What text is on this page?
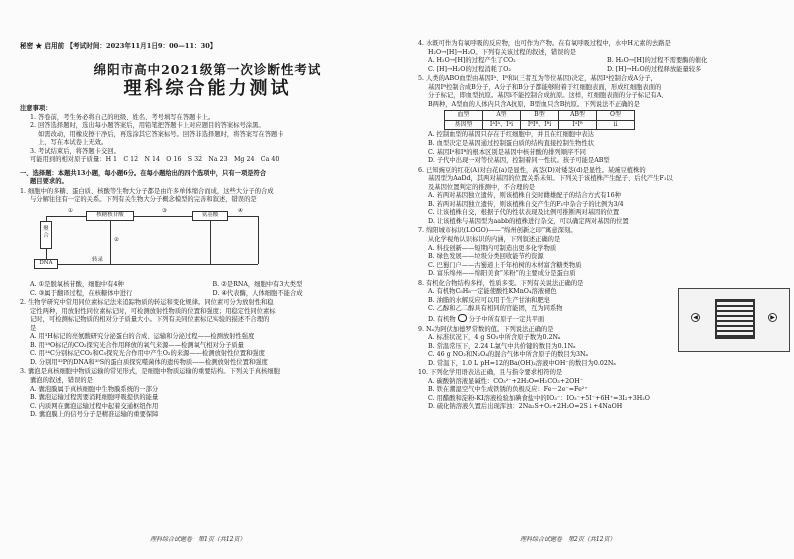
秘密 ★ 启用前 【考试时间：2023年11月1日9：00—11：30】
绵阳市高中2021级第一次诊断性考试
理科综合能力测试

注意事项：

1. 答卷前，考生务必将自己的班级、姓名、考号填写在答题卡上。

2. 回答选择题时，选出每小题答案后，用铅笔把答题卡上对应题目的答案标号涂黑。

如需改动，用橡皮擦干净后，再选涂其它答案标号。回答非选择题时，将答案写在答题卡

上，写在本试卷上无效。

3. 考试结束后，将答题卡交回。

可能用到的相对原子质量：H 1　C 12　N 14　O 16　S 32　Na 23　Mg 24　Ca 40

一、选择题：本题共13小题，每小题6分。在每小题给出的四个选项中，只有一项是符合

题目要求的。

1. 细胞中的多糖、蛋白质、核酸等生物大分子都是由许多单体缩合而成，这些大分子的合成

与分解往往有一定的关系。下列有关生物大分子概念模型的完善和叙述，错误的是

聚
合
核糖核苷酸	氨基酸
DNA	转录
①
②
③	④

A. ①是脱氧核苷酸，细胞中有4种	B. ②是RNA，细胞中有3大类型

C. ③属于翻译过程，在核糖体中进行	D. ④代表酶，人体细胞不能合成

2. 生物学研究中常用同位素标记法来追踪物质的转运和变化规律。同位素可分为放射性和稳

定性两种，用放射性同位素标记时，可检测放射性物质的位置和强度；用稳定性同位素标

记时，可检测标记物质的相对分子质量大小。下列有关同位素标记实验的描述不合理的

是

A. 用³H标记的亮氨酸研究分泌蛋白的合成、运输和分泌过程——检测放射性强度

B. 用¹⁸O标记的CO₂探究光合作用释放的氧气来源——检测氧气相对分子质量

C. 用¹⁴C分别标记CO₂和C₅探究光合作用中产生O₂的来源——检测放射性位置和强度

D. 分别用³²P的DNA和³⁵S的蛋白质探究噬菌体的遗传物质——检测放射性位置和强度

3. 囊泡是真核细胞中物质运输的常见形式，是细胞中物质运输的重要结构。下列关于真核细胞

囊泡的叙述，错误的是

A. 囊泡膜属于真核细胞中生物膜系统的一部分

B. 囊泡运输过程需要消耗细胞呼吸提供的能量

C. 内质网在囊泡运输过程中起着交通枢纽作用

D. 囊泡膜上的信号分子是精准运输的重要保障

4. 水既可作为有氧呼吸的反应物，也可作为产物。在有氧呼吸过程中，水中H元素的去路是

H₂O→[H]→H₂O。下列有关该过程的叙述，错误的是

A. H₂O→[H]的过程产生了CO₂	B. H₂O→[H]的过程不需要酶的催化

C. [H]→H₂O的过程消耗了O₂	D. [H]→H₂O的过程释放能量较多

5. 人类的ABO血型由基因Iᴬ、Iᴮ和i(三者互为等位基因)决定，基因Iᴬ控制合成A分子，

基因Iᴮ控制合成B分子，A分子和B分子都能够附着于红细胞表面，形成红细胞表面的

分子标记，即血型抗原。基因i不能控制合成抗原。这样，红细胞表面的分子标记有A、

B两种，A型血的人体内只含A抗原，B型血只含B抗原。下列说法不正确的是

血型	A型	B型	AB型	O型
基因型	IᴬIᴬ、Iᴬi	IᴮIᴮ、Iᴮi	IᴬIᴮ	ii

A. 控制血型的基因只存在于红细胞中，并且在红细胞中表达

B. 血型决定是基因通过控制蛋白质的结构直接控制生物性状

C. 基因Iᴬ和Iᴮ的根本区别是基因中核苷酸的排列顺序不同

D. 子代中出现一对等位基因，控制着同一性状。孩子可能是AB型

6. 已知豌豆的红花(A)对白花(a)是显性，高茎(D)对矮茎(d)是显性。某豌豆植株的

基因型为AaDd，其两对基因的位置关系未知。下列关于该植株产生配子、后代产生F₁以

及基因位置判定的推测中，不合理的是

A. 若两对基因独立遗传，则该植株自交时雌雄配子的结合方式有16种

B. 若两对基因独立遗传，则该植株自交产生的F₁中杂合子的比例为3/4

C. 让该植株自交，根据子代的性状表现及比例可推断两对基因的位置

D. 让该植株与基因型为aabb的植株进行杂交，可以确定两对基因的位置

7. 绵阳城市标识(LOGO)——“绵州创新之印”寓意深刻。

从化学视角认识标识的内涵，下列叙述正确的是

A. 科技创新——短期内可制造出更多化学物质

B. 绿色发展——垃圾分类回收能节约资源

C. 巴蜀门户——古蜀道上千年柏树的木材富含糖类物质

D. 富乐绵州——绵阳美食“米粉”的主要成分是蛋白质

8. 有机化合物结构多样，性质多变。下列有关说法正确的是

A. 有机物C₅H₈一定能使酸性KMnO₄溶液褪色

B. 油脂的水解反应可以用于生产甘油和肥皂

C. 乙醇和乙二醇具有相同的官能团，互为同系物

D. 有机物 分子中所有原子一定共平面

9. Nₐ为阿伏加德罗常数的值。下列说法正确的是

A. 标准状况下，4 g SO₃中所含原子数为0.2Nₐ

B. 常温常压下，2.24 L氯气中共价键的数目为0.1Nₐ

C. 46 g NO₂和N₂O₄的混合气体中所含原子的数目为3Nₐ

D. 常温下，1.0 L pH=12的Ba(OH)₂溶液中OH⁻的数目为0.02Nₐ

10. 下列化学用语表达正确，且与指令要求相符的是

A. 碳酸钠溶液显碱性：CO₃²⁻+2H₂O⇌H₂CO₃+2OH⁻

B. 铁在潮湿空气中生成铁锈的负极反应：Fe－2e⁻=Fe²⁺

C. 用醋酸和淀粉-KI溶液检验加碘食盐中的IO₃⁻：IO₃⁻+5I⁻+6H⁺=3I₂+3H₂O

D. 硫化钠溶液久置后出现浑浊：2Na₂S+O₂+2H₂O=2S↓+4NaOH

◀	▶
理科综合试题卷　第1页（共12页）	理科综合试题卷　第2页（共12页）
